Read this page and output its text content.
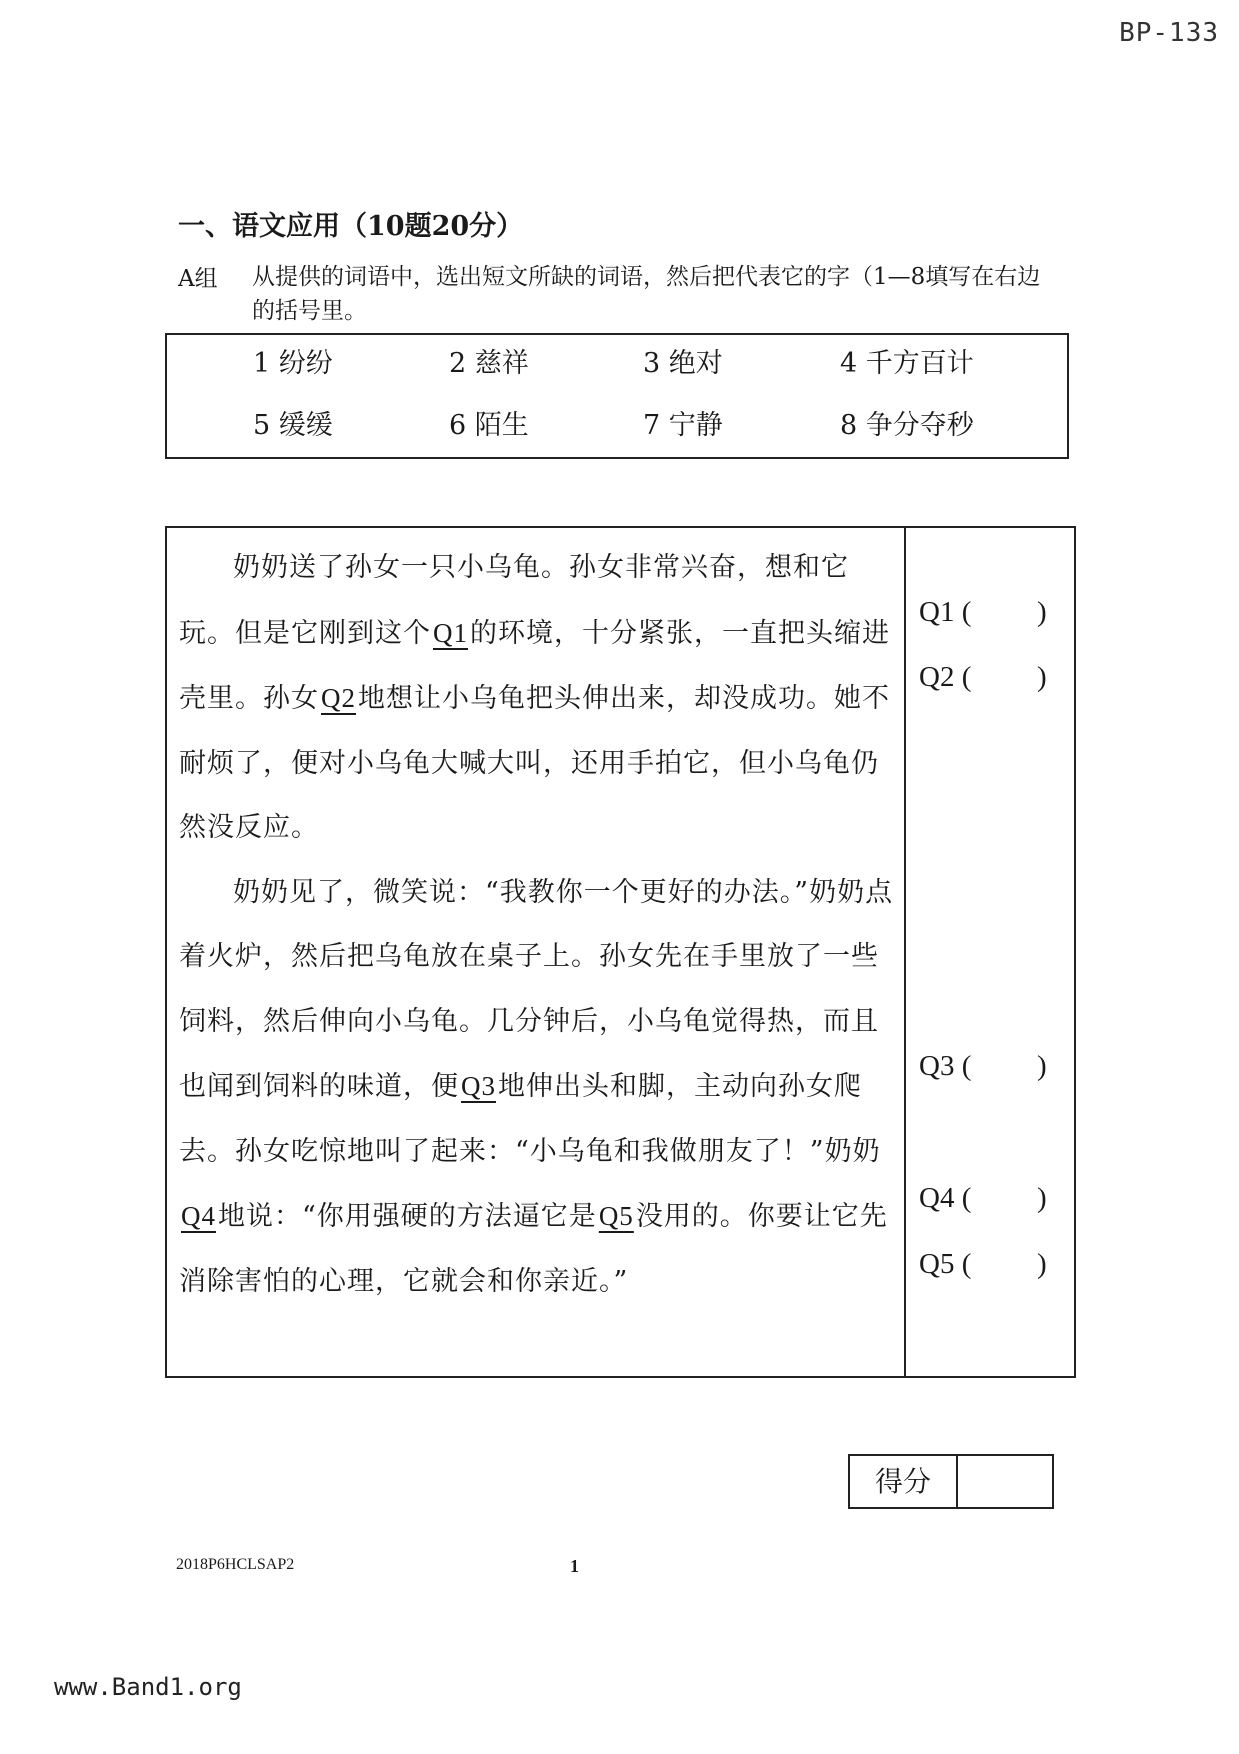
BP-133
一、语文应用（10题20分）
A组 从提供的词语中，选出短文所缺的词语，然后把代表它的字（1—8填写在右边的括号里。
1 纷纷	2 慈祥	3 绝对	4 千方百计
5 缓缓	6 陌生	7 宁静	8 争分夺秒

奶奶送了孙女一只小乌龟。孙女非常兴奋，想和它玩。但是它刚到这个Q1的环境，十分紧张，一直把头缩进壳里。孙女Q2地想让小乌龟把头伸出来，却没成功。她不耐烦了，便对小乌龟大喊大叫，还用手拍它，但小乌龟仍然没反应。

奶奶见了，微笑说：“我教你一个更好的办法。”奶奶点着火炉，然后把乌龟放在桌子上。孙女先在手里放了一些饲料，然后伸向小乌龟。几分钟后，小乌龟觉得热，而且也闻到饲料的味道，便Q3地伸出头和脚，主动向孙女爬去。孙女吃惊地叫了起来：“小乌龟和我做朋友了！”奶奶Q4地说：“你用强硬的方法逼它是Q5没用的。你要让它先消除害怕的心理，它就会和你亲近。”

Q1 ( )
Q2 ( )
Q3 ( )
Q4 ( )
Q5 ( )
得分
2018P6HCLSAP2	1
www.Band1.org
